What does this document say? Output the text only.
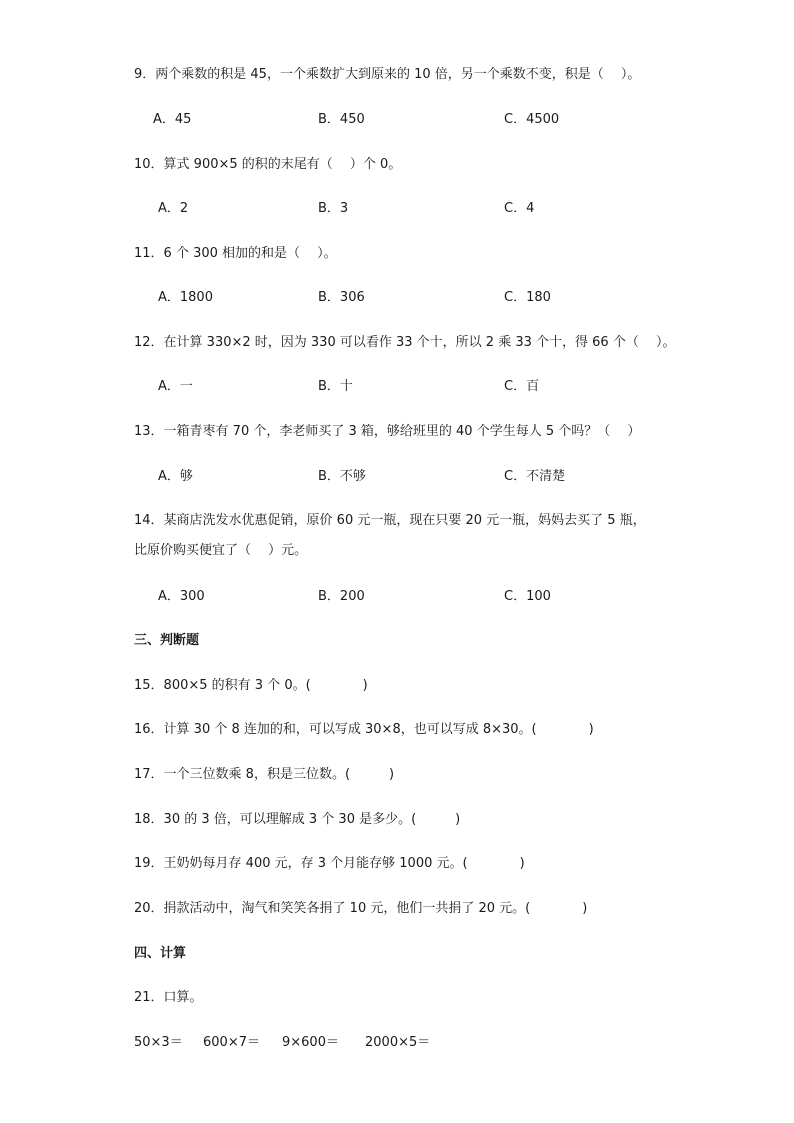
9．两个乘数的积是 45，一个乘数扩大到原来的 10 倍，另一个乘数不变，积是（　 ）。
A．45	B．450	C．4500
10．算式 900×5 的积的末尾有（　 ）个 0。
A．2	B．3	C．4
11．6 个 300 相加的和是（　 ）。
A．1800	B．306	C．180
12．在计算 330×2 时，因为 330 可以看作 33 个十，所以 2 乘 33 个十，得 66 个（　 ）。
A．一	B．十	C．百
13．一箱青枣有 70 个，李老师买了 3 箱，够给班里的 40 个学生每人 5 个吗？（　 ）
A．够	B．不够	C．不清楚
14．某商店洗发水优惠促销，原价 60 元一瓶，现在只要 20 元一瓶，妈妈去买了 5 瓶，
比原价购买便宜了（　 ）元。
A．300	B．200	C．100
三、判断题
15．800×5 的积有 3 个 0。(　　　　)
16．计算 30 个 8 连加的和，可以写成 30×8，也可以写成 8×30。(　　　　)
17．一个三位数乘 8，积是三位数。(　　　)
18．30 的 3 倍，可以理解成 3 个 30 是多少。(　　　)
19．王奶奶每月存 400 元，存 3 个月能存够 1000 元。(　　　　)
20．捐款活动中，淘气和笑笑各捐了 10 元，他们一共捐了 20 元。(　　　　)
四、计算
21．口算。
50×3＝ 600×7＝ 9×600＝ 2000×5＝
